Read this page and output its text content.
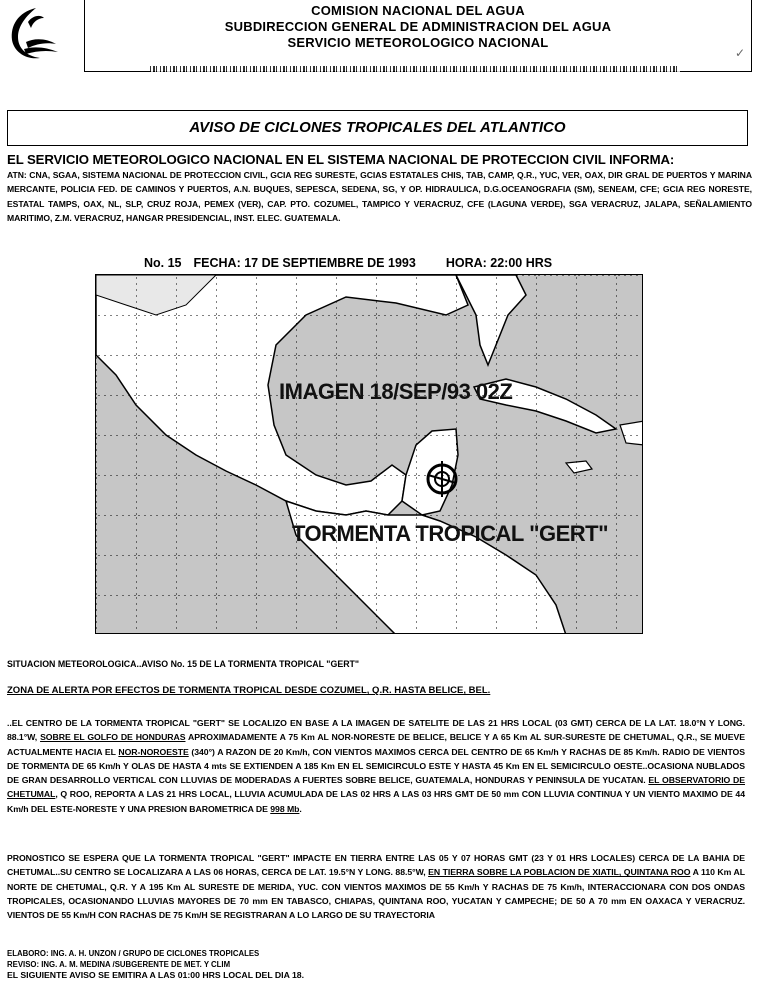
COMISION NACIONAL DEL AGUA
SUBDIRECCION GENERAL DE ADMINISTRACION DEL AGUA
SERVICIO METEOROLOGICO NACIONAL
✓
AVISO DE CICLONES TROPICALES DEL ATLANTICO
EL SERVICIO METEOROLOGICO NACIONAL EN EL SISTEMA NACIONAL DE PROTECCION CIVIL INFORMA:
ATN: CNA, SGAA, SISTEMA NACIONAL DE PROTECCION CIVIL, GCIA REG SURESTE, GCIAS ESTATALES CHIS, TAB, CAMP, Q.R., YUC, VER, OAX, DIR GRAL DE PUERTOS Y MARINA MERCANTE, POLICIA FED. DE CAMINOS Y PUERTOS, A.N. BUQUES, SEPESCA, SEDENA, SG, Y OP. HIDRAULICA, D.G.OCEANOGRAFIA (SM), SENEAM, CFE; GCIA REG NORESTE, ESTATAL TAMPS, OAX, NL, SLP, CRUZ ROJA, PEMEX (VER), CAP. PTO. COZUMEL, TAMPICO Y VERACRUZ, CFE (LAGUNA VERDE), SGA VERACRUZ, JALAPA, SEÑALAMIENTO MARITIMO, Z.M. VERACRUZ, HANGAR PRESIDENCIAL, INST. ELEC. GUATEMALA.
No. 15 FECHA: 17 DE SEPTIEMBRE DE 1993 HORA: 22:00 HRS
IMAGEN 18/SEP/93 02Z
TORMENTA TROPICAL "GERT"
SITUACION METEOROLOGICA..AVISO No. 15 DE LA TORMENTA TROPICAL "GERT"
ZONA DE ALERTA POR EFECTOS DE TORMENTA TROPICAL DESDE COZUMEL, Q.R. HASTA BELICE, BEL.
..EL CENTRO DE LA TORMENTA TROPICAL "GERT" SE LOCALIZO EN BASE A LA IMAGEN DE SATELITE DE LAS 21 HRS LOCAL (03 GMT) CERCA DE LA LAT. 18.0°N Y LONG. 88.1°W, SOBRE EL GOLFO DE HONDURAS APROXIMADAMENTE A 75 Km AL NOR-NORESTE DE BELICE, BELICE Y A 65 Km AL SUR-SURESTE DE CHETUMAL, Q.R., SE MUEVE ACTUALMENTE HACIA EL NOR-NOROESTE (340°) A RAZON DE 20 Km/h, CON VIENTOS MAXIMOS CERCA DEL CENTRO DE 65 Km/h Y RACHAS DE 85 Km/h. RADIO DE VIENTOS DE TORMENTA DE 65 Km/h Y OLAS DE HASTA 4 mts SE EXTIENDEN A 185 Km EN EL SEMICIRCULO ESTE Y HASTA 45 Km EN EL SEMICIRCULO OESTE..OCASIONA NUBLADOS DE GRAN DESARROLLO VERTICAL CON LLUVIAS DE MODERADAS A FUERTES SOBRE BELICE, GUATEMALA, HONDURAS Y PENINSULA DE YUCATAN. EL OBSERVATORIO DE CHETUMAL, Q ROO, REPORTA A LAS 21 HRS LOCAL, LLUVIA ACUMULADA DE LAS 02 HRS A LAS 03 HRS GMT DE 50 mm CON LLUVIA CONTINUA Y UN VIENTO MAXIMO DE 44 Km/h DEL ESTE-NORESTE Y UNA PRESION BAROMETRICA DE 998 Mb.
PRONOSTICO SE ESPERA QUE LA TORMENTA TROPICAL "GERT" IMPACTE EN TIERRA ENTRE LAS 05 Y 07 HORAS GMT (23 Y 01 HRS LOCALES) CERCA DE LA BAHIA DE CHETUMAL..SU CENTRO SE LOCALIZARA A LAS 06 HORAS, CERCA DE LAT. 19.5°N Y LONG. 88.5°W, EN TIERRA SOBRE LA POBLACION DE XIATIL, QUINTANA ROO A 110 Km AL NORTE DE CHETUMAL, Q.R. Y A 195 Km AL SURESTE DE MERIDA, YUC. CON VIENTOS MAXIMOS DE 55 Km/h Y RACHAS DE 75 Km/h, INTERACCIONARA CON DOS ONDAS TROPICALES, OCASIONANDO LLUVIAS MAYORES DE 70 mm EN TABASCO, CHIAPAS, QUINTANA ROO, YUCATAN Y CAMPECHE; DE 50 A 70 mm EN OAXACA Y VERACRUZ. VIENTOS DE 55 Km/H CON RACHAS DE 75 Km/H SE REGISTRARAN A LO LARGO DE SU TRAYECTORIA
ELABORO: ING. A. H. UNZON / GRUPO DE CICLONES TROPICALES
REVISO: ING. A. M. MEDINA /SUBGERENTE DE MET. Y CLIM
EL SIGUIENTE AVISO SE EMITIRA A LAS 01:00 HRS LOCAL DEL DIA 18.
